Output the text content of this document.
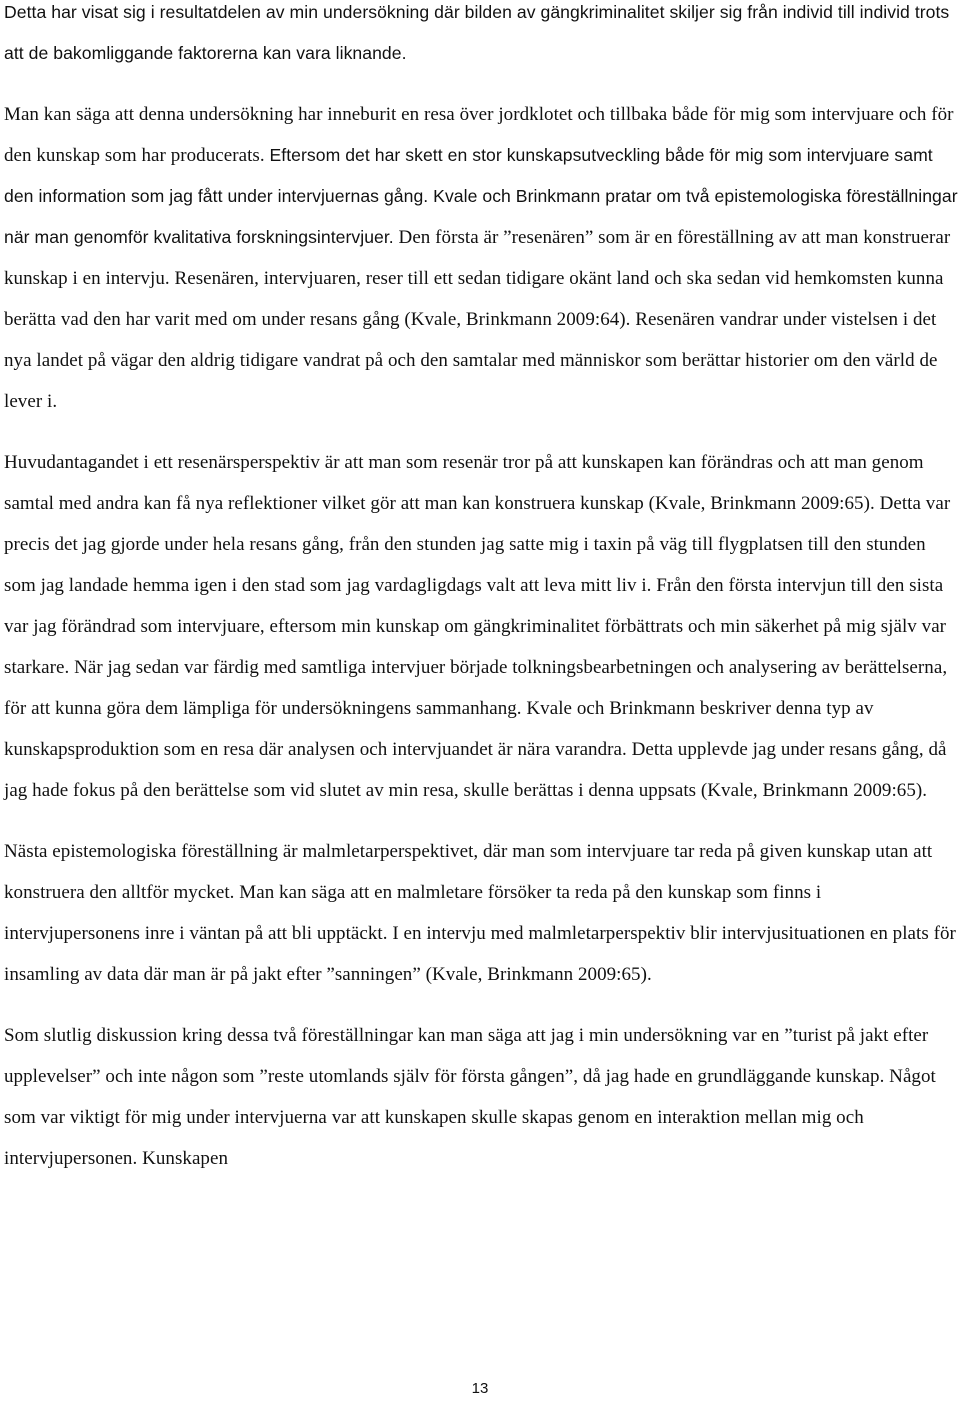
Detta har visat sig i resultatdelen av min undersökning där bilden av gängkriminalitet skiljer sig från individ till individ trots att de bakomliggande faktorerna kan vara liknande.

Man kan säga att denna undersökning har inneburit en resa över jordklotet och tillbaka både för mig som intervjuare och för den kunskap som har producerats. Eftersom det har skett en stor kunskapsutveckling både för mig som intervjuare samt den information som jag fått under intervjuernas gång. Kvale och Brinkmann pratar om två epistemologiska föreställningar när man genomför kvalitativa forskningsintervjuer. Den första är ”resenären” som är en föreställning av att man konstruerar kunskap i en intervju. Resenären, intervjuaren, reser till ett sedan tidigare okänt land och ska sedan vid hemkomsten kunna berätta vad den har varit med om under resans gång (Kvale, Brinkmann 2009:64). Resenären vandrar under vistelsen i det nya landet på vägar den aldrig tidigare vandrat på och den samtalar med människor som berättar historier om den värld de lever i.

Huvudantagandet i ett resenärsperspektiv är att man som resenär tror på att kunskapen kan förändras och att man genom samtal med andra kan få nya reflektioner vilket gör att man kan konstruera kunskap (Kvale, Brinkmann 2009:65). Detta var precis det jag gjorde under hela resans gång, från den stunden jag satte mig i taxin på väg till flygplatsen till den stunden som jag landade hemma igen i den stad som jag vardagligdags valt att leva mitt liv i. Från den första intervjun till den sista var jag förändrad som intervjuare, eftersom min kunskap om gängkriminalitet förbättrats och min säkerhet på mig själv var starkare. När jag sedan var färdig med samtliga intervjuer började tolkningsbearbetningen och analysering av berättelserna, för att kunna göra dem lämpliga för undersökningens sammanhang. Kvale och Brinkmann beskriver denna typ av kunskapsproduktion som en resa där analysen och intervjuandet är nära varandra. Detta upplevde jag under resans gång, då jag hade fokus på den berättelse som vid slutet av min resa, skulle berättas i denna uppsats (Kvale, Brinkmann 2009:65).

Nästa epistemologiska föreställning är malmletarperspektivet, där man som intervjuare tar reda på given kunskap utan att konstruera den alltför mycket. Man kan säga att en malmletare försöker ta reda på den kunskap som finns i intervjupersonens inre i väntan på att bli upptäckt. I en intervju med malmletarperspektiv blir intervjusituationen en plats för insamling av data där man är på jakt efter ”sanningen” (Kvale, Brinkmann 2009:65).

Som slutlig diskussion kring dessa två föreställningar kan man säga att jag i min undersökning var en ”turist på jakt efter upplevelser” och inte någon som ”reste utomlands själv för första gången”, då jag hade en grundläggande kunskap. Något som var viktigt för mig under intervjuerna var att kunskapen skulle skapas genom en interaktion mellan mig och intervjupersonen. Kunskapen

13
